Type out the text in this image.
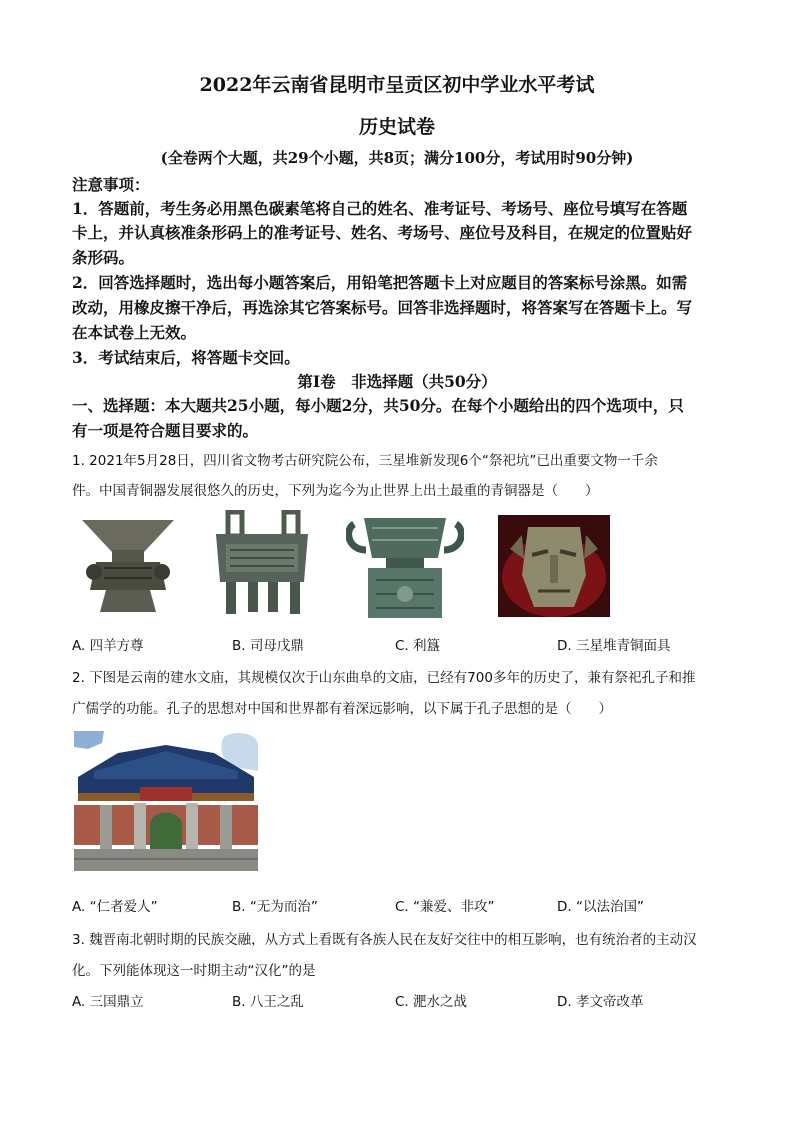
2022年云南省昆明市呈贡区初中学业水平考试
历史试卷
(全卷两个大题，共29个小题，共8页；满分100分，考试用时90分钟)
注意事项：
1．答题前，考生务必用黑色碳素笔将自己的姓名、准考证号、考场号、座位号填写在答题
卡上，并认真核准条形码上的准考证号、姓名、考场号、座位号及科目，在规定的位置贴好
条形码。
2．回答选择题时，选出每小题答案后，用铅笔把答题卡上对应题目的答案标号涂黑。如需
改动，用橡皮擦干净后，再选涂其它答案标号。回答非选择题时，将答案写在答题卡上。写
在本试卷上无效。
3．考试结束后，将答题卡交回。
第Ⅰ卷　非选择题（共50分）
一、选择题：本大题共25小题，每小题2分，共50分。在每个小题给出的四个选项中，只
有一项是符合题目要求的。
1. 2021年5月28日，四川省文物考古研究院公布，三星堆新发现6个“祭祀坑”已出重要文物一千余
件。中国青铜器发展很悠久的历史，下列为迄今为止世界上出土最重的青铜器是（　　）
A. 四羊方尊	B. 司母戊鼎	C. 利簋	D. 三星堆青铜面具
2. 下图是云南的建水文庙，其规模仅次于山东曲阜的文庙，已经有700多年的历史了，兼有祭祀孔子和推
广儒学的功能。孔子的思想对中国和世界都有着深远影响，以下属于孔子思想的是（　　）
A. “仁者爱人”	B. “无为而治”	C. “兼爱、非攻”	D. “以法治国”
3. 魏晋南北朝时期的民族交融，从方式上看既有各族人民在友好交往中的相互影响，也有统治者的主动汉
化。下列能体现这一时期主动“汉化”的是
A. 三国鼎立	B. 八王之乱	C. 淝水之战	D. 孝文帝改革
